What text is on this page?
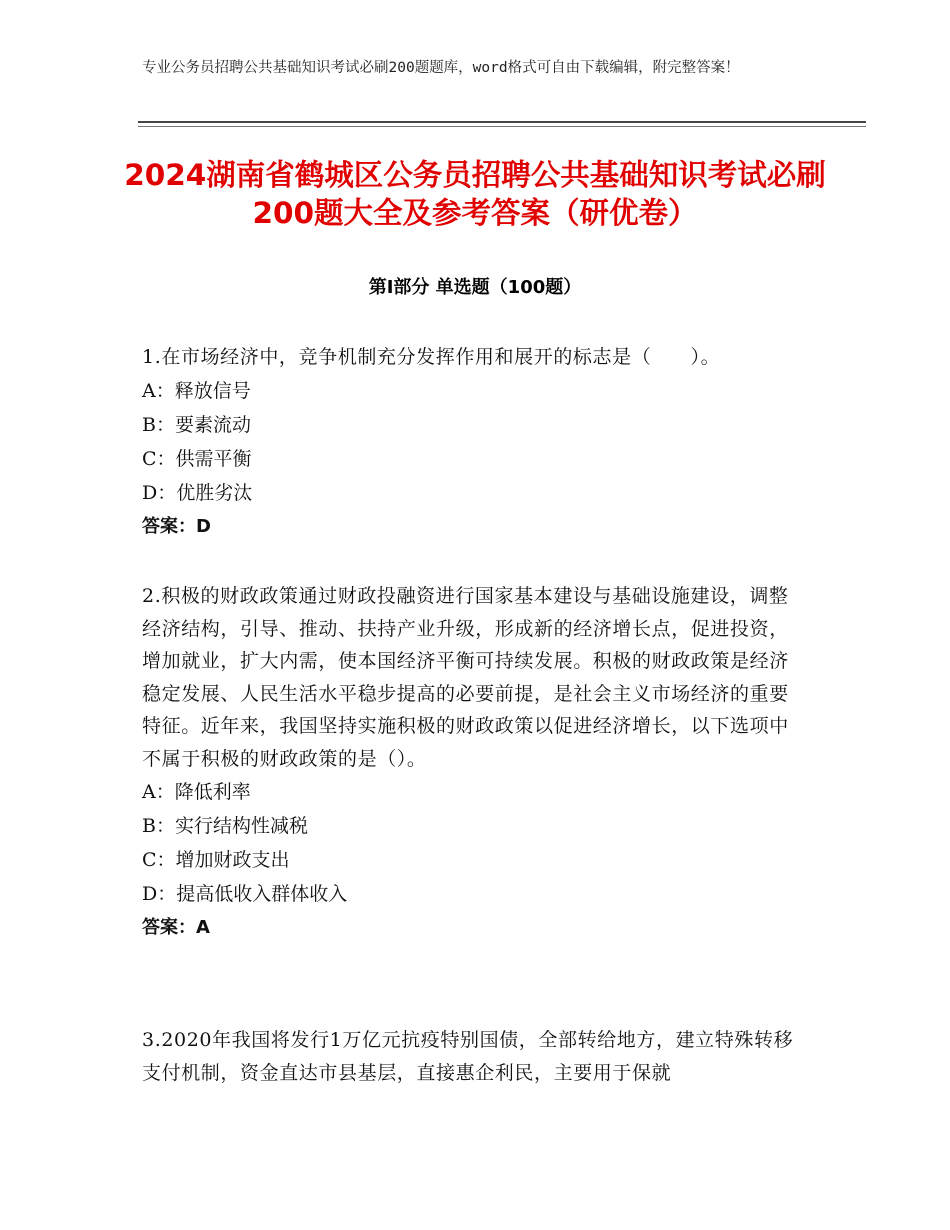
专业公务员招聘公共基础知识考试必刷200题题库，word格式可自由下载编辑，附完整答案！
2024湖南省鹤城区公务员招聘公共基础知识考试必刷200题大全及参考答案（研优卷）
第Ⅰ部分 单选题（100题）
1.在市场经济中，竞争机制充分发挥作用和展开的标志是（　　）。
A：释放信号
B：要素流动
C：供需平衡
D：优胜劣汰
答案：D
2.积极的财政政策通过财政投融资进行国家基本建设与基础设施建设，调整经济结构，引导、推动、扶持产业升级，形成新的经济增长点，促进投资，增加就业，扩大内需，使本国经济平衡可持续发展。积极的财政政策是经济稳定发展、人民生活水平稳步提高的必要前提，是社会主义市场经济的重要特征。近年来，我国坚持实施积极的财政政策以促进经济增长，以下选项中不属于积极的财政政策的是（）。
A：降低利率
B：实行结构性减税
C：增加财政支出
D：提高低收入群体收入
答案：A
3.2020年我国将发行1万亿元抗疫特别国债，全部转给地方，建立特殊转移支付机制，资金直达市县基层，直接惠企利民，主要用于保就
